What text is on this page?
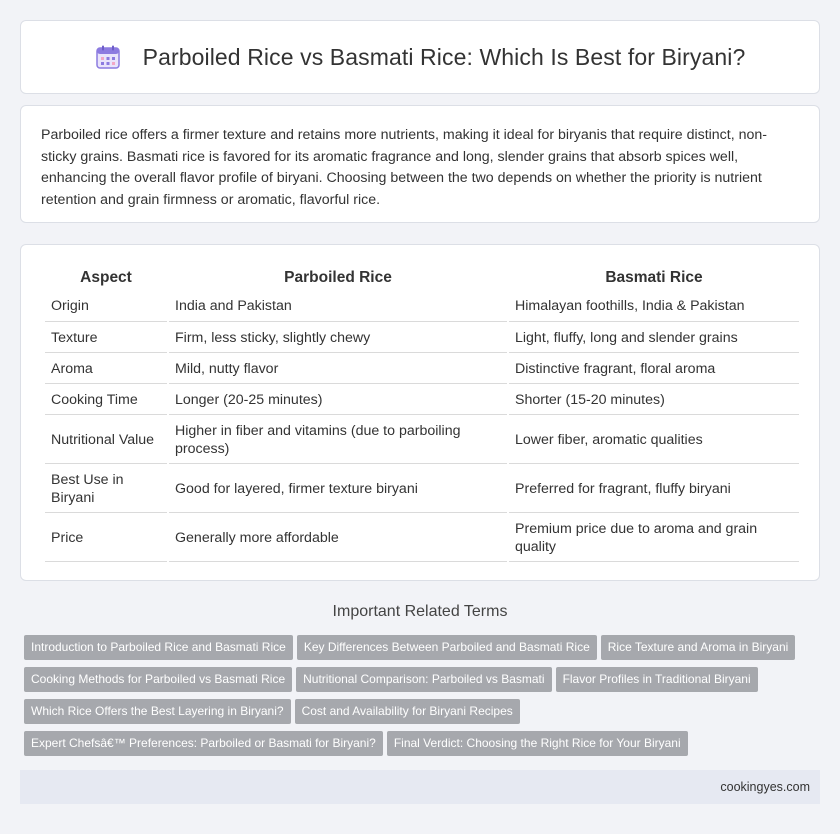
Parboiled Rice vs Basmati Rice: Which Is Best for Biryani?

Parboiled rice offers a firmer texture and retains more nutrients, making it ideal for biryanis that require distinct, non-sticky grains. Basmati rice is favored for its aromatic fragrance and long, slender grains that absorb spices well, enhancing the overall flavor profile of biryani. Choosing between the two depends on whether the priority is nutrient retention and grain firmness or aromatic, flavorful rice.

Aspect	Parboiled Rice	Basmati Rice
Origin	India and Pakistan	Himalayan foothills, India & Pakistan
Texture	Firm, less sticky, slightly chewy	Light, fluffy, long and slender grains
Aroma	Mild, nutty flavor	Distinctive fragrant, floral aroma
Cooking Time	Longer (20-25 minutes)	Shorter (15-20 minutes)
Nutritional Value	Higher in fiber and vitamins (due to parboiling process)	Lower fiber, aromatic qualities
Best Use in Biryani	Good for layered, firmer texture biryani	Preferred for fragrant, fluffy biryani
Price	Generally more affordable	Premium price due to aroma and grain quality
Important Related Terms
Introduction to Parboiled Rice and Basmati Rice Key Differences Between Parboiled and Basmati Rice Rice Texture and Aroma in Biryani
Cooking Methods for Parboiled vs Basmati Rice Nutritional Comparison: Parboiled vs Basmati Flavor Profiles in Traditional Biryani
Which Rice Offers the Best Layering in Biryani? Cost and Availability for Biryani Recipes
Expert Chefsâ€™ Preferences: Parboiled or Basmati for Biryani? Final Verdict: Choosing the Right Rice for Your Biryani
cookingyes.com
